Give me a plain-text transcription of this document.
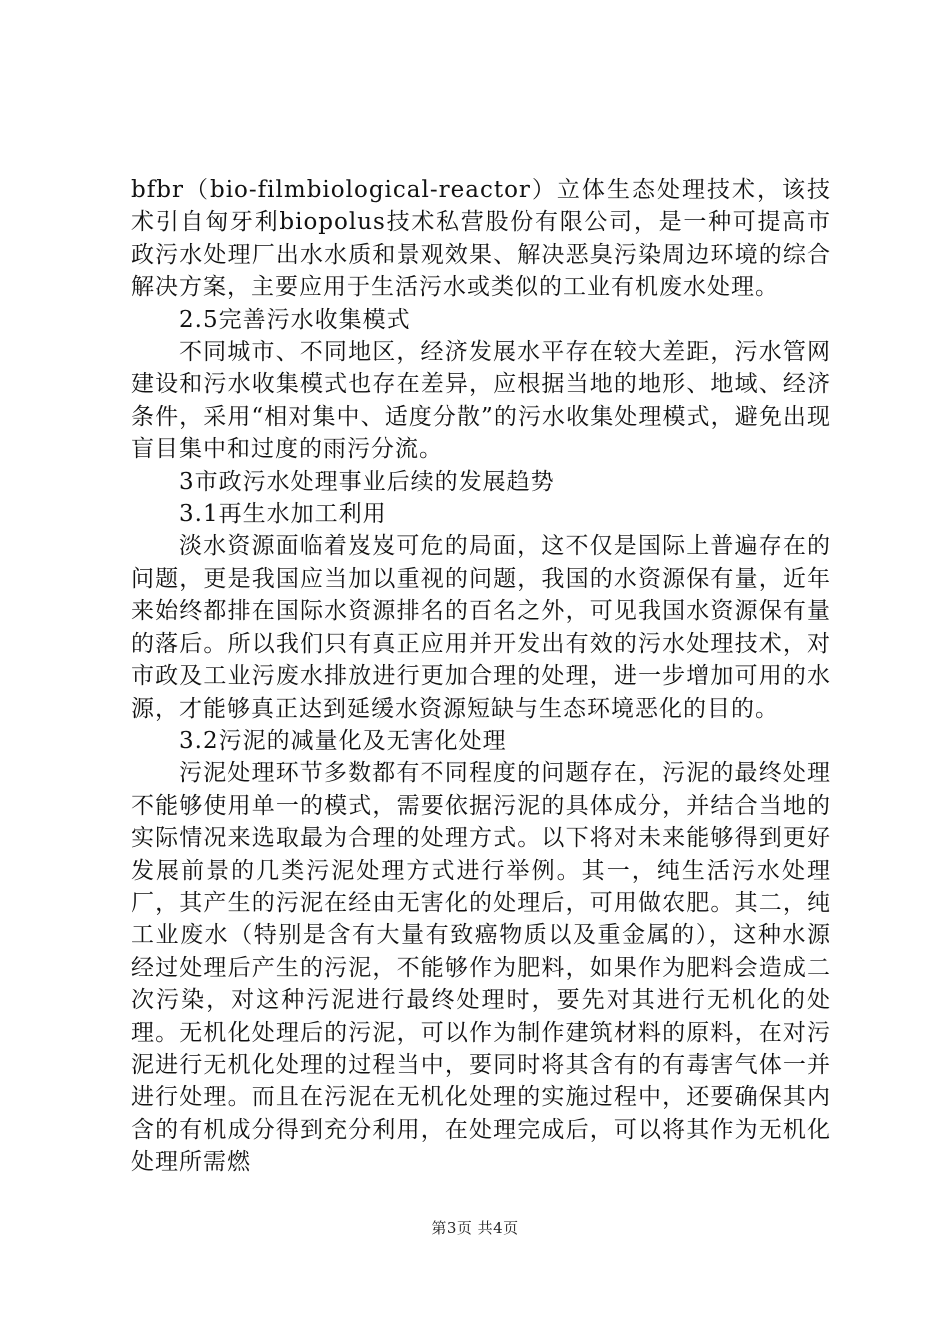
bfbr（bio-filmbiological-reactor）立体生态处理技术，该技术引自匈牙利biopolus技术私营股份有限公司，是一种可提高市政污水处理厂出水水质和景观效果、解决恶臭污染周边环境的综合解决方案，主要应用于生活污水或类似的工业有机废水处理。

2.5完善污水收集模式

不同城市、不同地区，经济发展水平存在较大差距，污水管网建设和污水收集模式也存在差异，应根据当地的地形、地域、经济条件，采用“相对集中、适度分散”的污水收集处理模式，避免出现盲目集中和过度的雨污分流。

3市政污水处理事业后续的发展趋势

3.1再生水加工利用

淡水资源面临着岌岌可危的局面，这不仅是国际上普遍存在的问题，更是我国应当加以重视的问题，我国的水资源保有量，近年来始终都排在国际水资源排名的百名之外，可见我国水资源保有量的落后。所以我们只有真正应用并开发出有效的污水处理技术，对市政及工业污废水排放进行更加合理的处理，进一步增加可用的水源，才能够真正达到延缓水资源短缺与生态环境恶化的目的。

3.2污泥的减量化及无害化处理

污泥处理环节多数都有不同程度的问题存在，污泥的最终处理不能够使用单一的模式，需要依据污泥的具体成分，并结合当地的实际情况来选取最为合理的处理方式。以下将对未来能够得到更好发展前景的几类污泥处理方式进行举例。其一，纯生活污水处理厂，其产生的污泥在经由无害化的处理后，可用做农肥。其二，纯工业废水（特别是含有大量有致癌物质以及重金属的），这种水源经过处理后产生的污泥，不能够作为肥料，如果作为肥料会造成二次污染，对这种污泥进行最终处理时，要先对其进行无机化的处理。无机化处理后的污泥，可以作为制作建筑材料的原料，在对污泥进行无机化处理的过程当中，要同时将其含有的有毒害气体一并进行处理。而且在污泥在无机化处理的实施过程中，还要确保其内含的有机成分得到充分利用，在处理完成后，可以将其作为无机化处理所需燃

第3页 共4页
